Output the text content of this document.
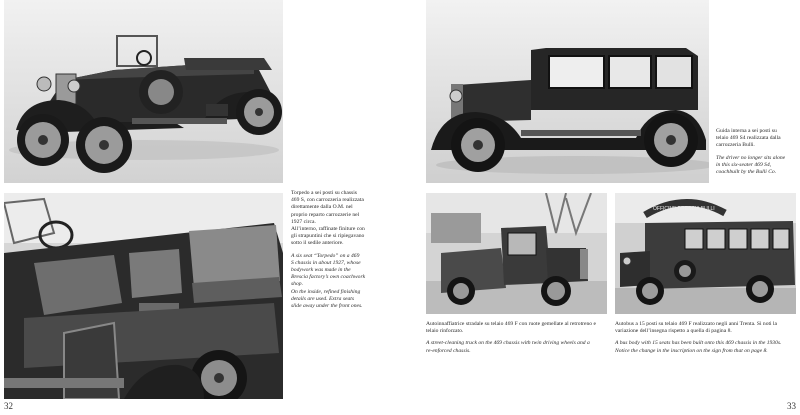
Torpedo a sei posti su chassis
469 S, con carrozzeria realizzata
direttamente dalla O.M. nel
proprio reparto carrozzerie nel
1927 circa.
All’interno, raffinate finiture con
gli strapuntini che si ripiegavano
sotto il sedile anteriore.

A six seat “Torpedo” on a 469
S chassis in about 1927, whose
bodywork was made in the
Brescia factory’s own coachwork
shop.
On the inside, refined finishing
details are used. Extra seats
slide away under the front ones.

32

Guida interna a sei posti su
telaio 469 S4 realizzata dalla
carrozzeria Bulli.

The driver no longer sits alone
in this six-seater 469 S4,
coachbuilt by the Bulli Co.

OFFICINE BRESCIA BULLI

Autoinnaffiatrice stradale su telaio 469 F con ruote gemellate al retrotreno e
telaio rinforzato.

A street-cleaning truck on the 469 chassis with twin driving wheels and a
re-enforced chassis.

Autobus a 15 posti su telaio 469 F realizzato negli anni Trenta. Si noti la
variazione dell’insegna rispetto a quella di pagina 8.

A bus body with 15 seats has been built onto this 469 chassis in the 1930s.
Notice the change in the inscription on the sign from that on page 8.

33
